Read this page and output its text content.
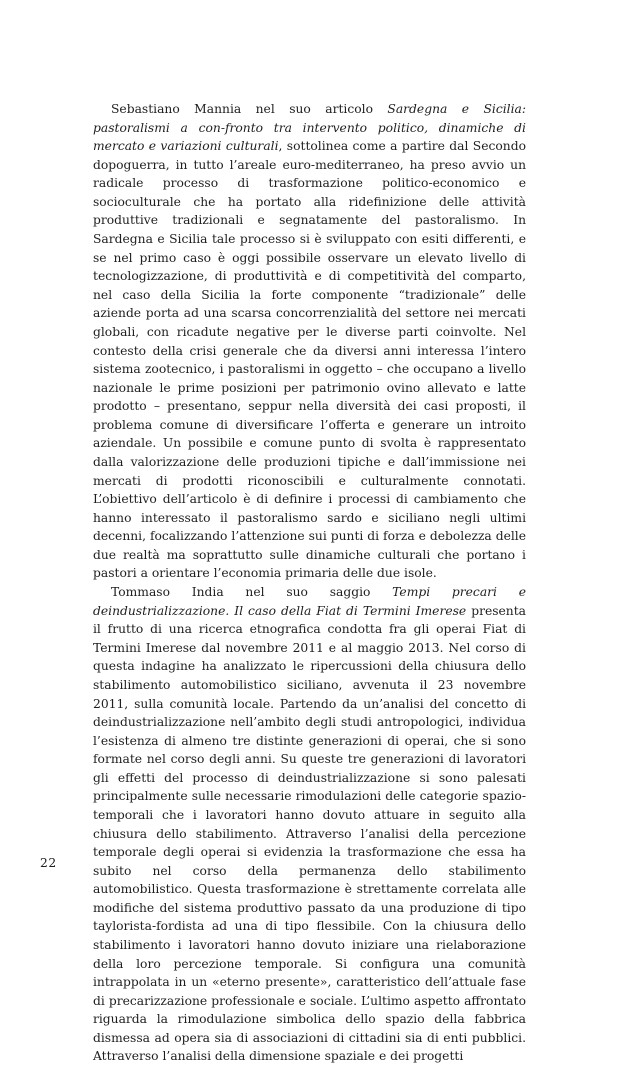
Sebastiano Mannia nel suo articolo Sardegna e Sicilia: pastoralismi a con-fronto tra intervento politico, dinamiche di mercato e variazioni culturali, sottolinea come a partire dal Secondo dopoguerra, in tutto l’areale euro-mediterraneo, ha preso avvio un radicale processo di trasformazione politico-economico e socioculturale che ha portato alla ridefinizione delle attività produttive tradizionali e segnatamente del pastoralismo. In Sardegna e Sicilia tale processo si è sviluppato con esiti differenti, e se nel primo caso è oggi possibile osservare un elevato livello di tecnologizzazione, di produttività e di competitività del comparto, nel caso della Sicilia la forte componente “tradizionale” delle aziende porta ad una scarsa concorrenzialità del settore nei mercati globali, con ricadute negative per le diverse parti coinvolte. Nel contesto della crisi generale che da diversi anni interessa l’intero sistema zootecnico, i pastoralismi in oggetto – che occupano a livello nazionale le prime posizioni per patrimonio ovino allevato e latte prodotto – presentano, seppur nella diversità dei casi proposti, il problema comune di diversificare l’offerta e generare un introito aziendale. Un possibile e comune punto di svolta è rappresentato dalla valorizzazione delle produzioni tipiche e dall’immissione nei mercati di prodotti riconoscibili e culturalmente connotati. L’obiettivo dell’articolo è di definire i processi di cambiamento che hanno interessato il pastoralismo sardo e siciliano negli ultimi decenni, focalizzando l’attenzione sui punti di forza e debolezza delle due realtà ma soprattutto sulle dinamiche culturali che portano i pastori a orientare l’economia primaria delle due isole.

Tommaso India nel suo saggio Tempi precari e deindustrializzazione. Il caso della Fiat di Termini Imerese presenta il frutto di una ricerca etnografica condotta fra gli operai Fiat di Termini Imerese dal novembre 2011 e al maggio 2013. Nel corso di questa indagine ha analizzato le ripercussioni della chiusura dello stabilimento automobilistico siciliano, avvenuta il 23 novembre 2011, sulla comunità locale. Partendo da un’analisi del concetto di deindustrializzazione nell’ambito degli studi antropologici, individua l’esistenza di almeno tre distinte generazioni di operai, che si sono formate nel corso degli anni. Su queste tre generazioni di lavoratori gli effetti del processo di deindustrializzazione si sono palesati principalmente sulle necessarie rimodulazioni delle categorie spazio-temporali che i lavoratori hanno dovuto attuare in seguito alla chiusura dello stabilimento. Attraverso l’analisi della percezione temporale degli operai si evidenzia la trasformazione che essa ha subito nel corso della permanenza dello stabilimento automobilistico. Questa trasformazione è strettamente correlata alle modifiche del sistema produttivo passato da una produzione di tipo taylorista-fordista ad una di tipo flessibile. Con la chiusura dello stabilimento i lavoratori hanno dovuto iniziare una rielaborazione della loro percezione temporale. Si configura una comunità intrappolata in un «eterno presente», caratteristico dell’attuale fase di precarizzazione professionale e sociale. L’ultimo aspetto affrontato riguarda la rimodulazione simbolica dello spazio della fabbrica dismessa ad opera sia di associazioni di cittadini sia di enti pubblici. Attraverso l’analisi della dimensione spaziale e dei progetti

22
